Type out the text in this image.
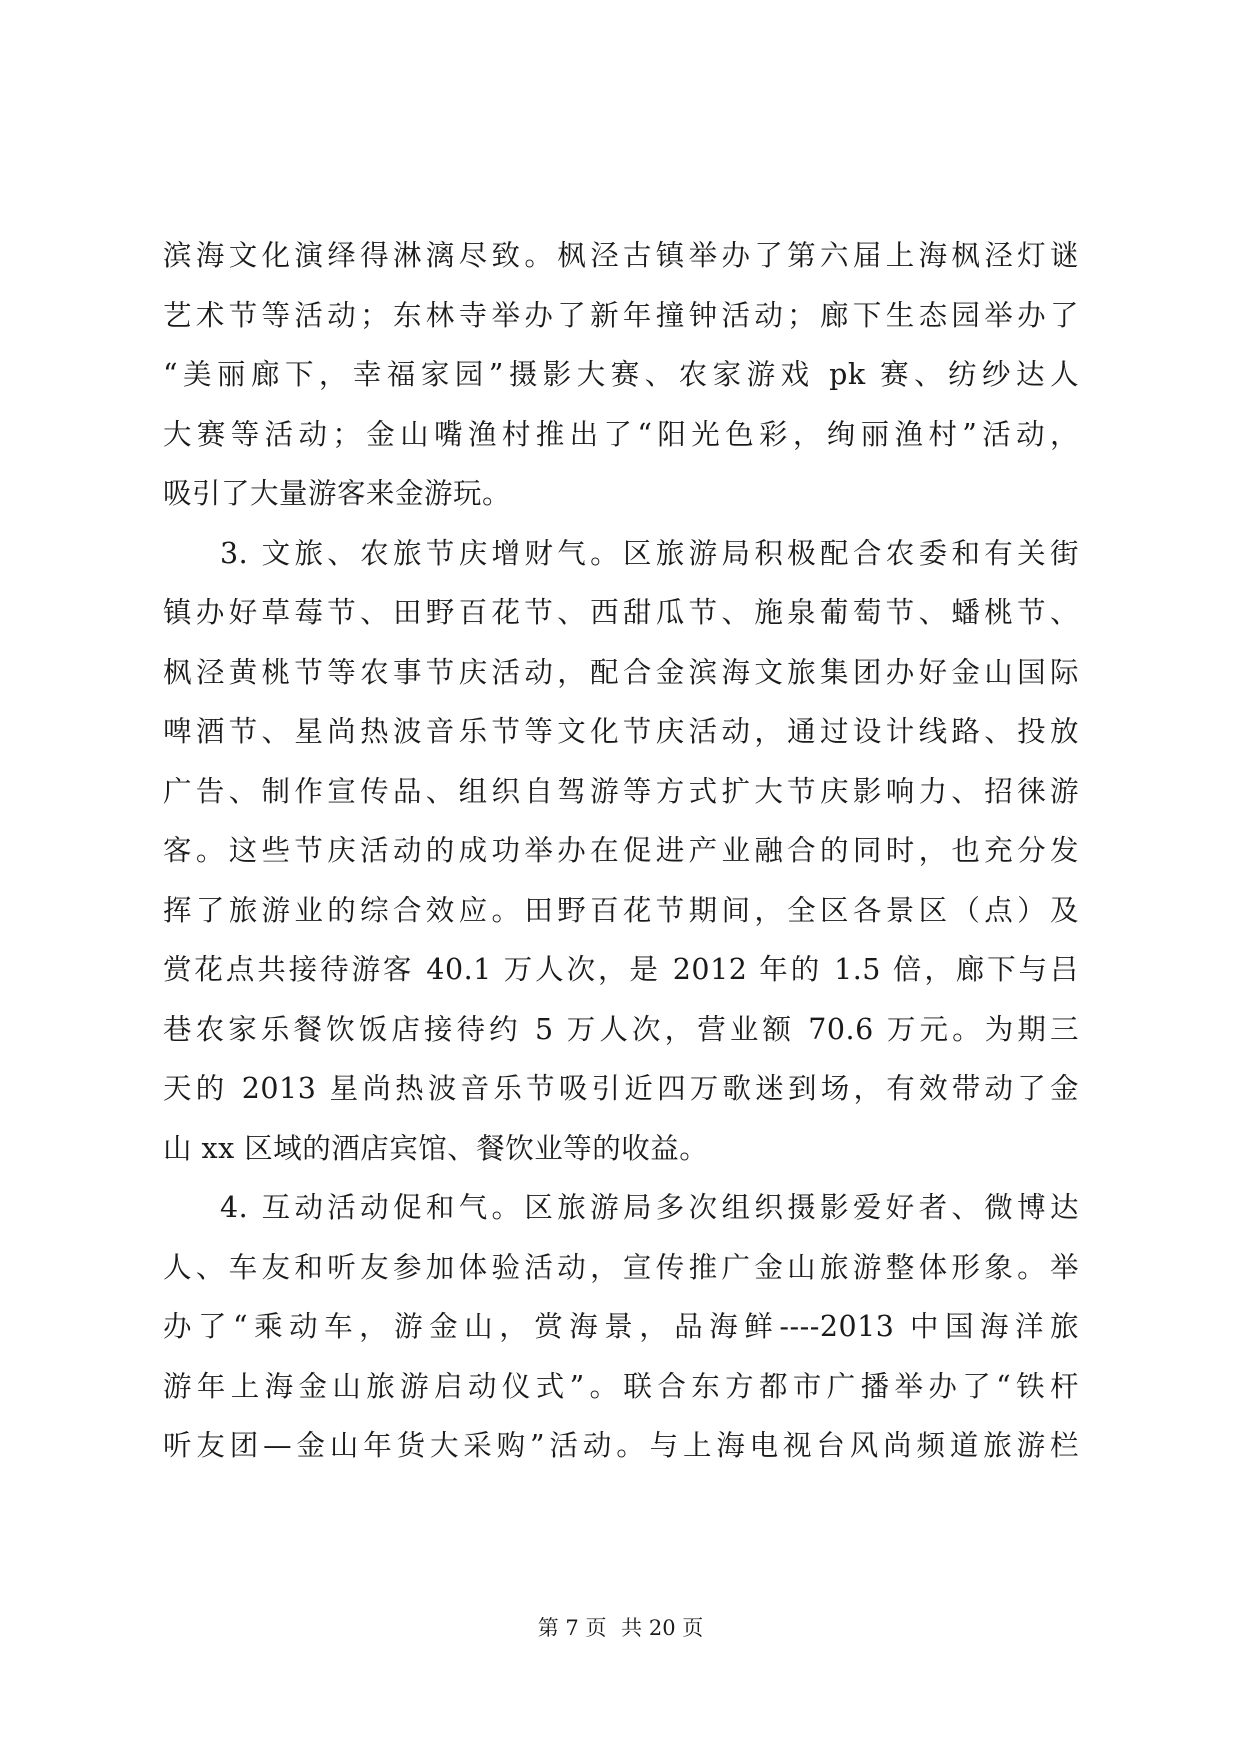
滨海文化演绎得淋漓尽致。枫泾古镇举办了第六届上海枫泾灯谜
艺术节等活动；东林寺举办了新年撞钟活动；廊下生态园举办了
“美丽廊下，幸福家园”摄影大赛、农家游戏 pk 赛、纺纱达人
大赛等活动；金山嘴渔村推出了“阳光色彩，绚丽渔村”活动，
吸引了大量游客来金游玩。
3. 文旅、农旅节庆增财气。区旅游局积极配合农委和有关街
镇办好草莓节、田野百花节、西甜瓜节、施泉葡萄节、蟠桃节、
枫泾黄桃节等农事节庆活动，配合金滨海文旅集团办好金山国际
啤酒节、星尚热波音乐节等文化节庆活动，通过设计线路、投放
广告、制作宣传品、组织自驾游等方式扩大节庆影响力、招徕游
客。这些节庆活动的成功举办在促进产业融合的同时，也充分发
挥了旅游业的综合效应。田野百花节期间，全区各景区（点）及
赏花点共接待游客 40.1 万人次，是 2012 年的 1.5 倍，廊下与吕
巷农家乐餐饮饭店接待约 5 万人次，营业额 70.6 万元。为期三
天的 2013 星尚热波音乐节吸引近四万歌迷到场，有效带动了金
山 xx 区域的酒店宾馆、餐饮业等的收益。
4. 互动活动促和气。区旅游局多次组织摄影爱好者、微博达
人、车友和听友参加体验活动，宣传推广金山旅游整体形象。举
办了“乘动车，游金山，赏海景，品海鲜----2013 中国海洋旅
游年上海金山旅游启动仪式”。联合东方都市广播举办了“铁杆
听友团—金山年货大采购”活动。与上海电视台风尚频道旅游栏
第 7 页 共 20 页
